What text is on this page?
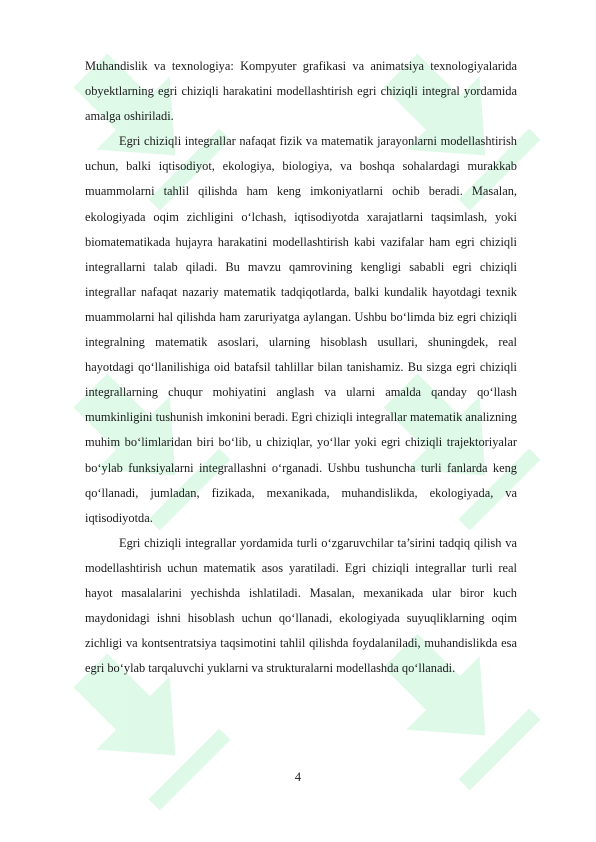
Muhandislik va texnologiya: Kompyuter grafikasi va animatsiya texnologiyalarida obyektlarning egri chiziqli harakatini modellashtirish egri chiziqli integral yordamida amalga oshiriladi.

Egri chiziqli integrallar nafaqat fizik va matematik jarayonlarni modellashtirish uchun, balki iqtisodiyot, ekologiya, biologiya, va boshqa sohalardagi murakkab muammolarni tahlil qilishda ham keng imkoniyatlarni ochib beradi. Masalan, ekologiyada oqim zichligini o‘lchash, iqtisodiyotda xarajatlarni taqsimlash, yoki biomatematikada hujayra harakatini modellashtirish kabi vazifalar ham egri chiziqli integrallarni talab qiladi. Bu mavzu qamrovining kengligi sababli egri chiziqli integrallar nafaqat nazariy matematik tadqiqotlarda, balki kundalik hayotdagi texnik muammolarni hal qilishda ham zaruriyatga aylangan. Ushbu bo‘limda biz egri chiziqli integralning matematik asoslari, ularning hisoblash usullari, shuningdek, real hayotdagi qo‘llanilishiga oid batafsil tahlillar bilan tanishamiz. Bu sizga egri chiziqli integrallarning chuqur mohiyatini anglash va ularni amalda qanday qo‘llash mumkinligini tushunish imkonini beradi. Egri chiziqli integrallar matematik analizning muhim bo‘limlaridan biri bo‘lib, u chiziqlar, yo‘llar yoki egri chiziqli trajektoriyalar bo‘ylab funksiyalarni integrallashni o‘rganadi. Ushbu tushuncha turli fanlarda keng qo‘llanadi, jumladan, fizikada, mexanikada, muhandislikda, ekologiyada, va iqtisodiyotda.

Egri chiziqli integrallar yordamida turli o‘zgaruvchilar ta’sirini tadqiq qilish va modellashtirish uchun matematik asos yaratiladi. Egri chiziqli integrallar turli real hayot masalalarini yechishda ishlatiladi. Masalan, mexanikada ular biror kuch maydonidagi ishni hisoblash uchun qo‘llanadi, ekologiyada suyuqliklarning oqim zichligi va kontsentratsiya taqsimotini tahlil qilishda foydalaniladi, muhandislikda esa egri bo‘ylab tarqaluvchi yuklarni va strukturalarni modellashda qo‘llanadi.

4
